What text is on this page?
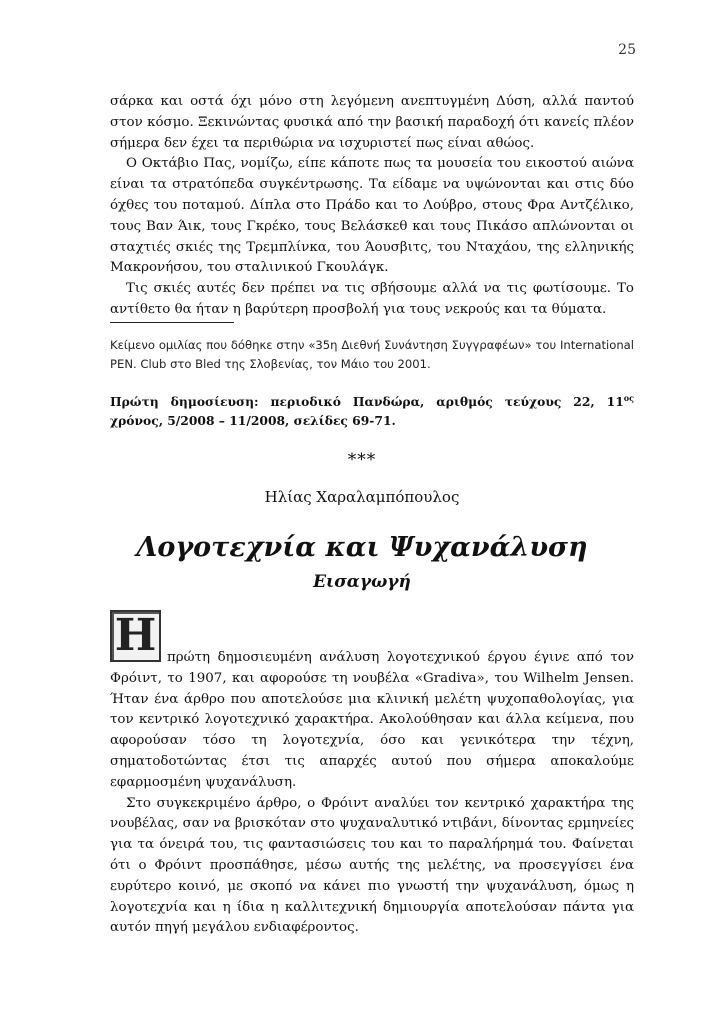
25

σάρκα και οστά όχι μόνο στη λεγόμενη ανεπτυγμένη Δύση, αλλά παντού στον κόσμο. Ξεκινώντας φυσικά από την βασική παραδοχή ότι κανείς πλέον σήμερα δεν έχει τα περιθώρια να ισχυριστεί πως είναι αθώος.

Ο Οκτάβιο Πας, νομίζω, είπε κάποτε πως τα μουσεία του εικοστού αιώνα είναι τα στρατόπεδα συγκέντρωσης. Τα είδαμε να υψώνονται και στις δύο όχθες του ποταμού. Δίπλα στο Πράδο και το Λούβρο, στους Φρα Αντζέλικο, τους Βαν Άικ, τους Γκρέκο, τους Βελάσκεθ και τους Πικάσο απλώνονται οι σταχτιές σκιές της Τρεμπλίνκα, του Άουσβιτς, του Νταχάου, της ελληνικής Μακρονήσου, του σταλινικού Γκουλάγκ.

Τις σκιές αυτές δεν πρέπει να τις σβήσουμε αλλά να τις φωτίσουμε. Το αντίθετο θα ήταν η βαρύτερη προσβολή για τους νεκρούς και τα θύματα.

Κείμενο ομιλίας που δόθηκε στην «35η Διεθνή Συνάντηση Συγγραφέων» του International PEN. Club στο Bled της Σλοβενίας, τον Μάιο του 2001.
Πρώτη δημοσίευση: περιοδικό Πανδώρα, αριθμός τεύχους 22, $11^{o\varsigma}$ χρόνος, 5/2008 – 11/2008, σελίδες 69-71.
***
Ηλίας Χαραλαμπόπουλος
Λογοτεχνία και Ψυχανάλυση
Εισαγωγή

Η πρώτη δημοσιευμένη ανάλυση λογοτεχνικού έργου έγινε από τον Φρόιντ, το 1907, και αφορούσε τη νουβέλα «Gradiva», του Wilhelm Jensen. Ήταν ένα άρθρο που αποτελούσε μια κλινική μελέτη ψυχοπαθολογίας, για τον κεντρικό λογοτεχνικό χαρακτήρα. Ακολούθησαν και άλλα κείμενα, που αφορούσαν τόσο τη λογοτεχνία, όσο και γενικότερα την τέχνη, σηματοδοτώντας έτσι τις απαρχές αυτού που σήμερα αποκαλούμε εφαρμοσμένη ψυχανάλυση.

Στο συγκεκριμένο άρθρο, ο Φρόιντ αναλύει τον κεντρικό χαρακτήρα της νουβέλας, σαν να βρισκόταν στο ψυχαναλυτικό ντιβάνι, δίνοντας ερμηνείες για τα όνειρά του, τις φαντασιώσεις του και το παραλήρημά του. Φαίνεται ότι ο Φρόιντ προσπάθησε, μέσω αυτής της μελέτης, να προσεγγίσει ένα ευρύτερο κοινό, με σκοπό να κάνει πιο γνωστή την ψυχανάλυση, όμως η λογοτεχνία και η ίδια η καλλιτεχνική δημιουργία αποτελούσαν πάντα για αυτόν πηγή μεγάλου ενδιαφέροντος.
